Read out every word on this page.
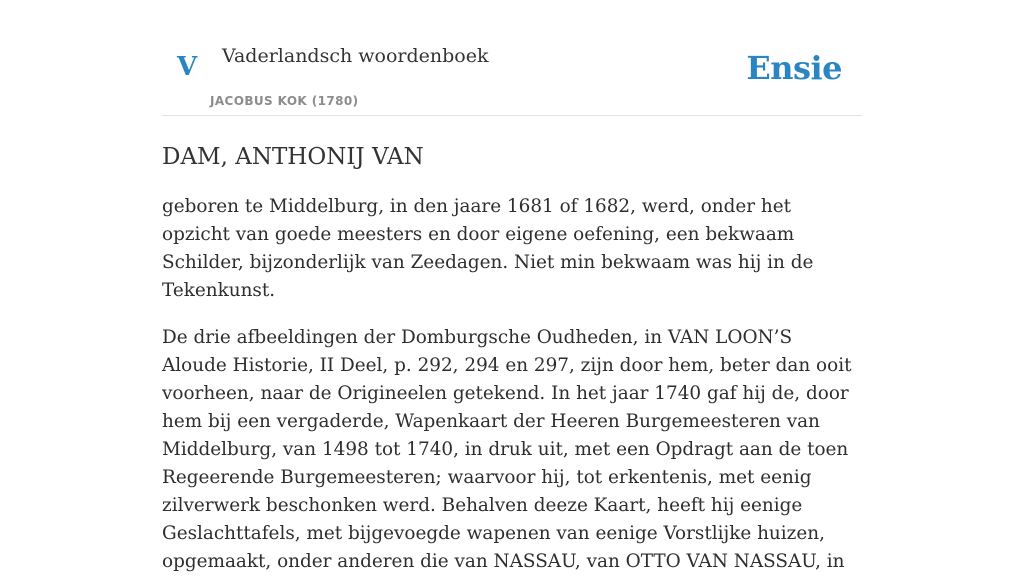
V Vaderlandsch woordenboek
JACOBUS KOK (1780)
Ensie
DAM, ANTHONIJ VAN

geboren te Middelburg, in den jaare 1681 of 1682, werd, onder het opzicht van goede meesters en door eigene oefening, een bekwaam Schilder, bijzonderlijk van Zeedagen. Niet min bekwaam was hij in de Tekenkunst.

De drie afbeeldingen der Domburgsche Oudheden, in VAN LOON’S Aloude Historie, II Deel, p. 292, 294 en 297, zijn door hem, beter dan ooit voorheen, naar de Origineelen getekend. In het jaar 1740 gaf hij de, door hem bij een vergaderde, Wapenkaart der Heeren Burgemeesteren van Middelburg, van 1498 tot 1740, in druk uit, met een Opdragt aan de toen Regeerende Burgemeesteren; waarvoor hij, tot erkentenis, met eenig zilverwerk beschonken werd. Behalven deeze Kaart, heeft hij eenige Geslachttafels, met bijgevoegde wapenen van eenige Vorstlijke huizen, opgemaakt, onder anderen die van NASSAU, van OTTO VAN NASSAU, in
